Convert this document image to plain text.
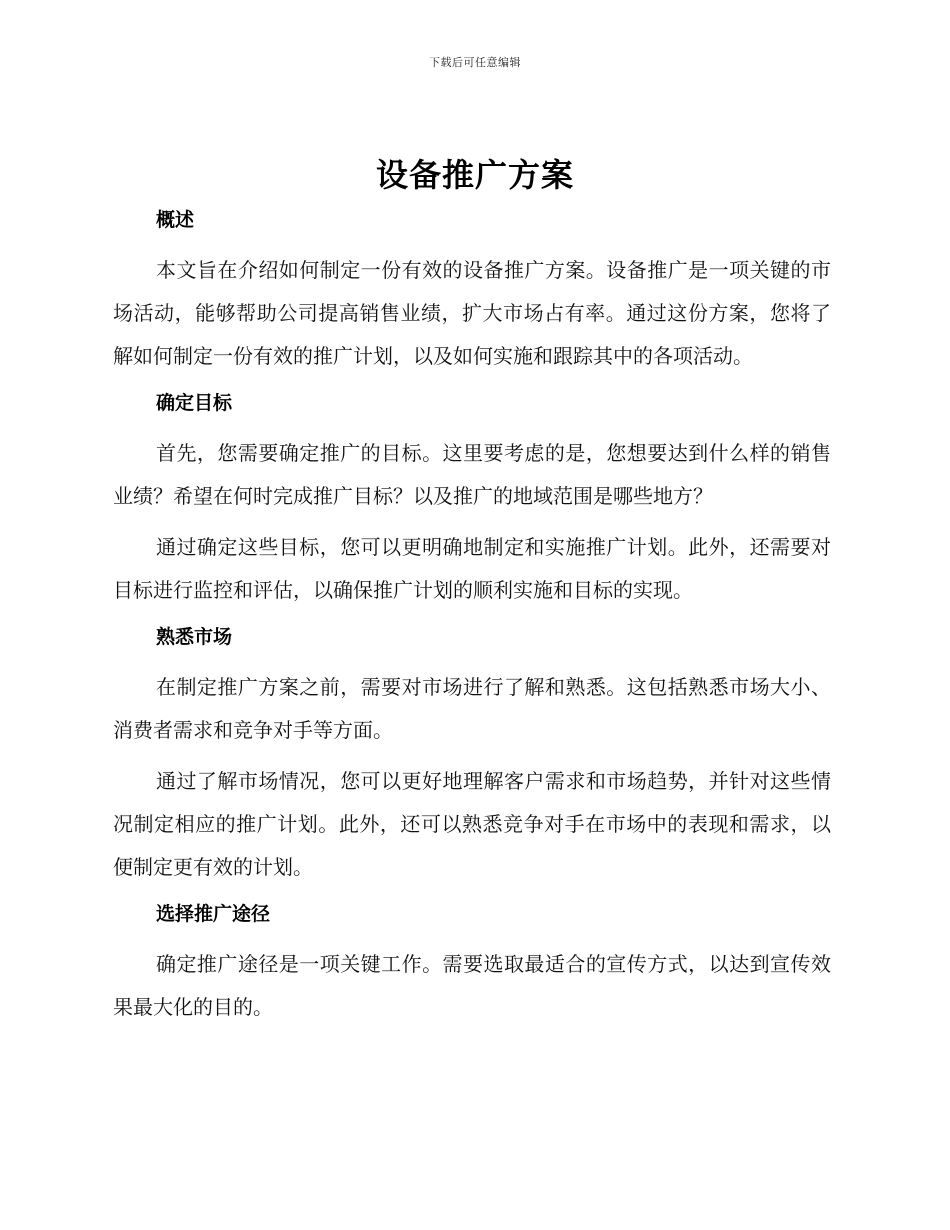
下载后可任意编辑
设备推广方案
概述

本文旨在介绍如何制定一份有效的设备推广方案。设备推广是一项关键的市场活动，能够帮助公司提高销售业绩，扩大市场占有率。通过这份方案，您将了解如何制定一份有效的推广计划，以及如何实施和跟踪其中的各项活动。

确定目标

首先，您需要确定推广的目标。这里要考虑的是，您想要达到什么样的销售业绩？希望在何时完成推广目标？以及推广的地域范围是哪些地方？

通过确定这些目标，您可以更明确地制定和实施推广计划。此外，还需要对目标进行监控和评估，以确保推广计划的顺利实施和目标的实现。

熟悉市场

在制定推广方案之前，需要对市场进行了解和熟悉。这包括熟悉市场大小、消费者需求和竞争对手等方面。

通过了解市场情况，您可以更好地理解客户需求和市场趋势，并针对这些情况制定相应的推广计划。此外，还可以熟悉竞争对手在市场中的表现和需求，以便制定更有效的计划。

选择推广途径

确定推广途径是一项关键工作。需要选取最适合的宣传方式，以达到宣传效果最大化的目的。
